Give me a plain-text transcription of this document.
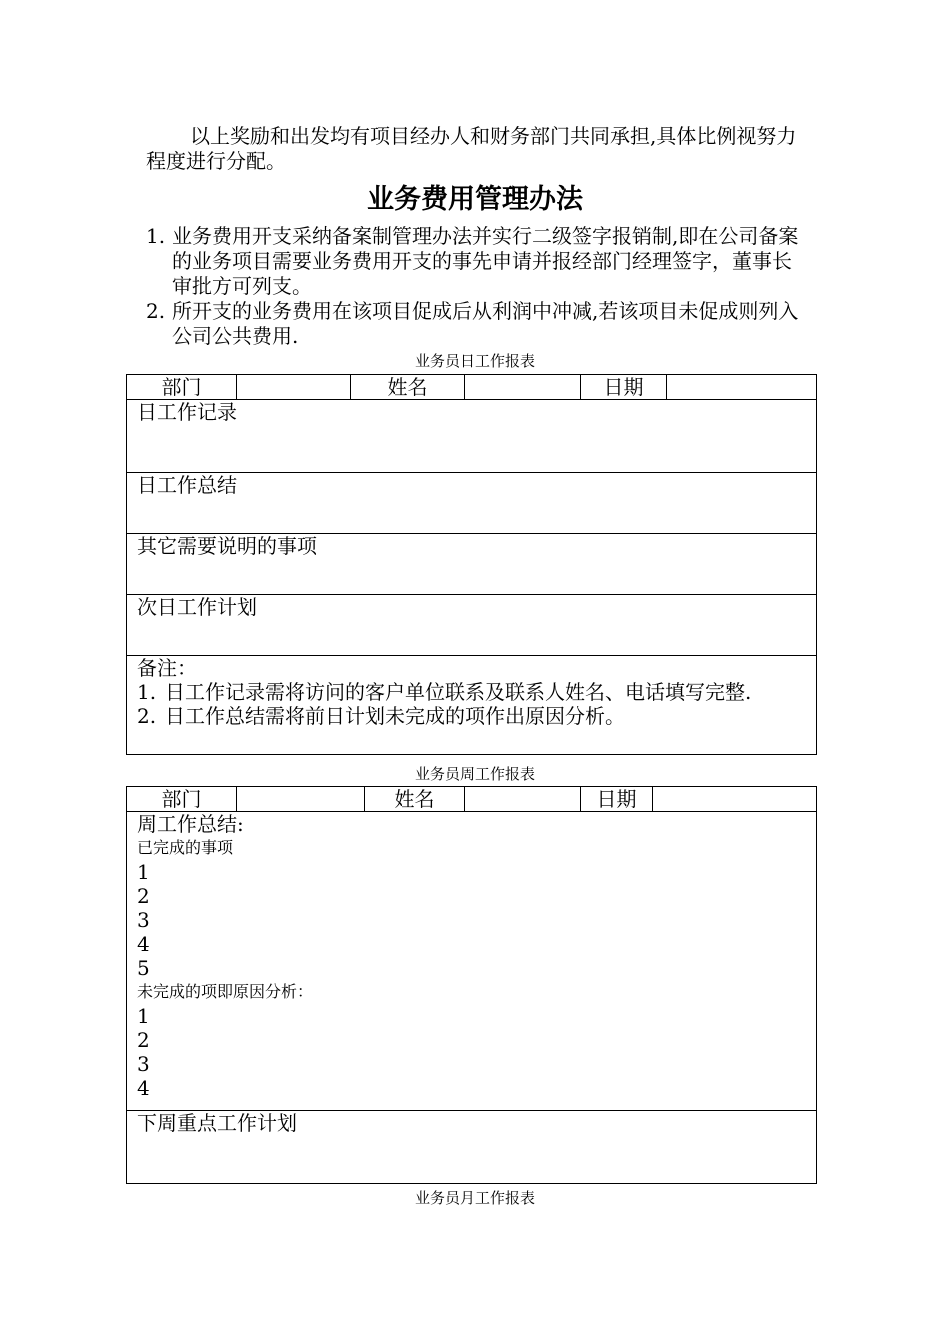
以上奖励和出发均有项目经办人和财务部门共同承担,具体比例视努力程度进行分配。
业务费用管理办法
1. 业务费用开支采纳备案制管理办法并实行二级签字报销制,即在公司备案的业务项目需要业务费用开支的事先申请并报经部门经理签字，董事长审批方可列支。
2. 所开支的业务费用在该项目促成后从利润中冲减,若该项目未促成则列入公司公共费用.
业务员日工作报表
部门		姓名		日期	
日工作记录
日工作总结
其它需要说明的事项
次日工作计划

备注：
1. 日工作记录需将访问的客户单位联系及联系人姓名、电话填写完整.
2. 日工作总结需将前日计划未完成的项作出原因分析。
业务员周工作报表
部门		姓名		日期	

周工作总结:
已完成的事项
1
2
3
4
5
未完成的项即原因分析：
1
2
3
4

下周重点工作计划
业务员月工作报表
